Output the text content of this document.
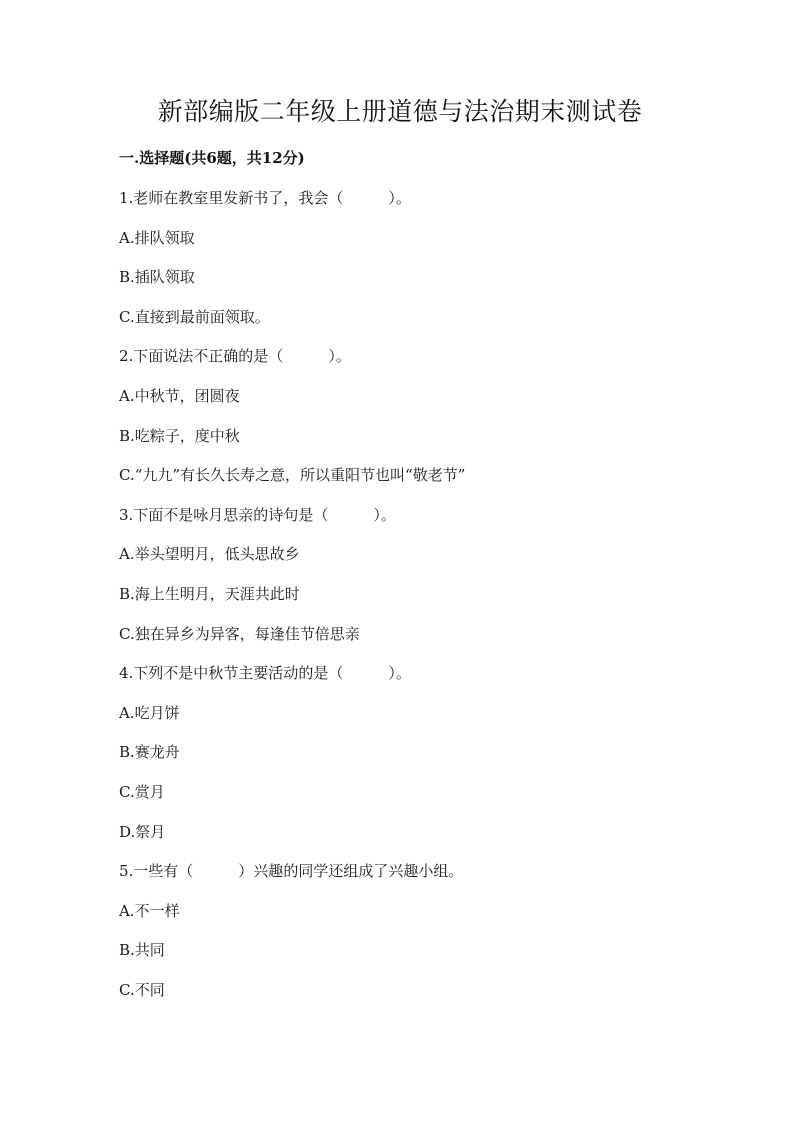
新部编版二年级上册道德与法治期末测试卷
一.选择题(共6题，共12分)
1.老师在教室里发新书了，我会（　　　）。
A.排队领取
B.插队领取
C.直接到最前面领取。
2.下面说法不正确的是（　　　）。
A.中秋节，团圆夜
B.吃粽子，度中秋
C.“九九”有长久长寿之意，所以重阳节也叫“敬老节”
3.下面不是咏月思亲的诗句是（　　　）。
A.举头望明月，低头思故乡
B.海上生明月，天涯共此时
C.独在异乡为异客，每逢佳节倍思亲
4.下列不是中秋节主要活动的是（　　　）。
A.吃月饼
B.赛龙舟
C.赏月
D.祭月
5.一些有（　　　）兴趣的同学还组成了兴趣小组。
A.不一样
B.共同
C.不同
